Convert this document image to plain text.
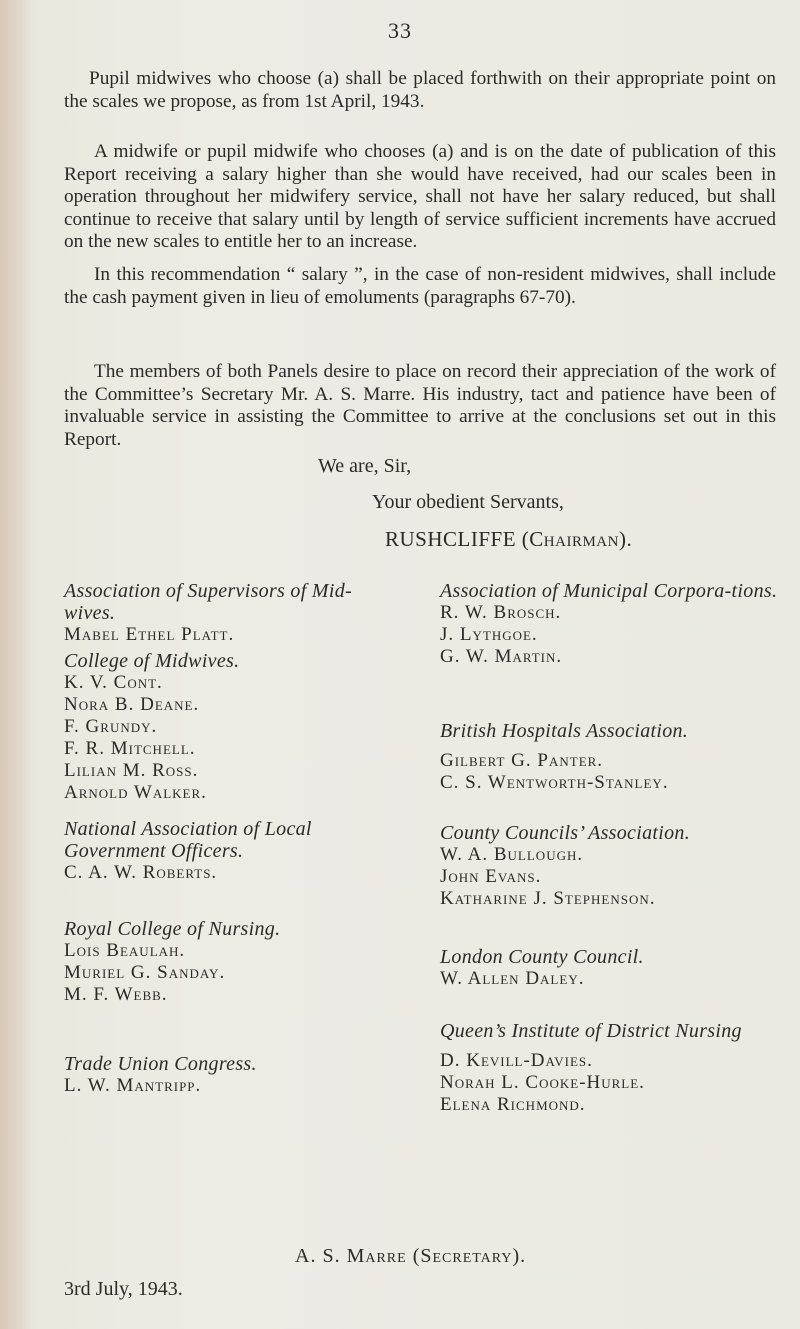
33

Pupil midwives who choose (a) shall be placed forthwith on their appropriate point on the scales we propose, as from 1st April, 1943.

A midwife or pupil midwife who chooses (a) and is on the date of publication of this Report receiving a salary higher than she would have received, had our scales been in operation throughout her midwifery service, shall not have her salary reduced, but shall continue to receive that salary until by length of service sufficient increments have accrued on the new scales to entitle her to an increase.

In this recommendation “ salary ”, in the case of non-resident midwives, shall include the cash payment given in lieu of emoluments (paragraphs 67-70).

The members of both Panels desire to place on record their appreciation of the work of the Committee’s Secretary Mr. A. S. Marre. His industry, tact and patience have been of invaluable service in assisting the Committee to arrive at the conclusions set out in this Report.

We are, Sir,
Your obedient Servants,
RUSHCLIFFE (Chairman).
Association of Supervisors of Mid-wives.
Mabel Ethel Platt.
College of Midwives.
K. V. Cont.
Nora B. Deane.
F. Grundy.
F. R. Mitchell.
Lilian M. Ross.
Arnold Walker.
National Association of Local Government Officers.
C. A. W. Roberts.
Royal College of Nursing.
Lois Beaulah.
Muriel G. Sanday.
M. F. Webb.
Trade Union Congress.
L. W. Mantripp.
Association of Municipal Corpora-tions.
R. W. Brosch.
J. Lythgoe.
G. W. Martin.
British Hospitals Association.
Gilbert G. Panter.
C. S. Wentworth-Stanley.
County Councils’ Association.
W. A. Bullough.
John Evans.
Katharine J. Stephenson.
London County Council.
W. Allen Daley.
Queen’s Institute of District Nursing
D. Kevill-Davies.
Norah L. Cooke-Hurle.
Elena Richmond.
A. S. Marre (Secretary).
3rd July, 1943.
